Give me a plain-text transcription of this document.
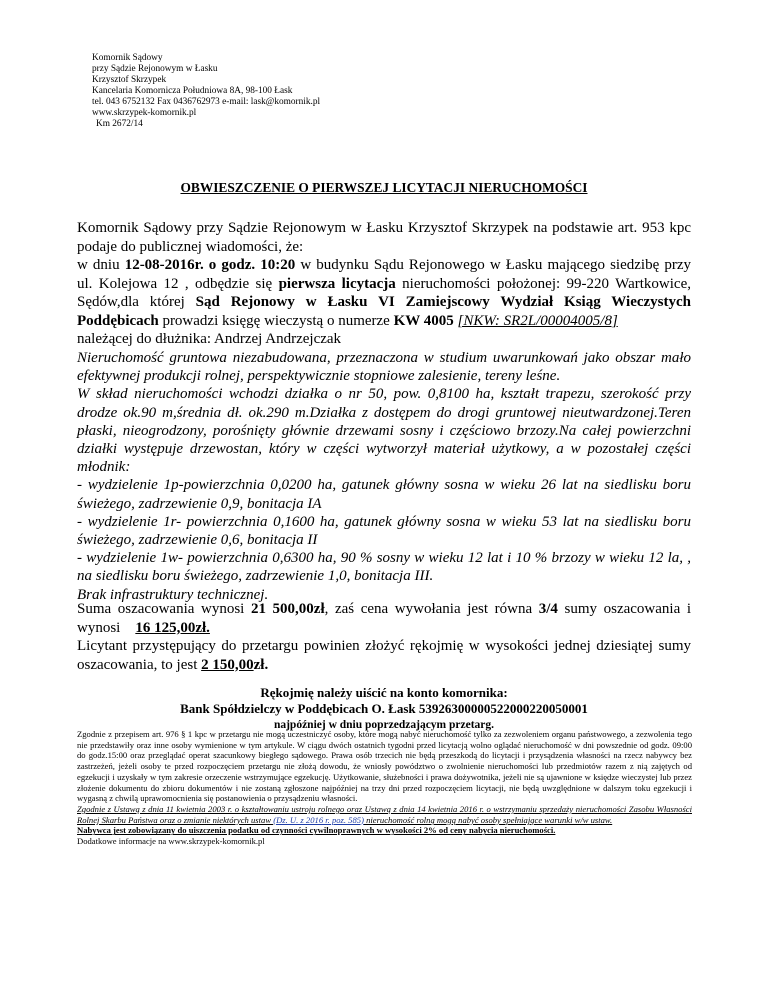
Komornik Sądowy
przy Sądzie Rejonowym w Łasku
Krzysztof Skrzypek
Kancelaria Komornicza Południowa 8A, 98-100 Łask
tel. 043 6752132 Fax 0436762973 e-mail: lask@komornik.pl
www.skrzypek-komornik.pl
Km 2672/14
OBWIESZCZENIE O PIERWSZEJ LICYTACJI NIERUCHOMOŚCI

Komornik Sądowy przy Sądzie Rejonowym w Łasku Krzysztof Skrzypek na podstawie art. 953 kpc podaje do publicznej wiadomości, że:

w dniu 12-08-2016r. o godz. 10:20 w budynku Sądu Rejonowego w Łasku mającego siedzibę przy ul. Kolejowa 12 , odbędzie się pierwsza licytacja nieruchomości położonej: 99-220 Wartkowice, Sędów,dla której Sąd Rejonowy w Łasku VI Zamiejscowy Wydział Ksiąg Wieczystych Poddębicach prowadzi księgę wieczystą o numerze KW 4005 [NKW: SR2L/00004005/8]

należącej do dłużnika: Andrzej Andrzejczak

Nieruchomość gruntowa niezabudowana, przeznaczona w studium uwarunkowań jako obszar mało efektywnej produkcji rolnej, perspektywicznie stopniowe zalesienie, tereny leśne.

W skład nieruchomości wchodzi działka o nr 50, pow. 0,8100 ha, kształt trapezu, szerokość przy drodze ok.90 m,średnia dł. ok.290 m.Działka z dostępem do drogi gruntowej nieutwardzonej.Teren płaski, nieogrodzony, porośnięty głównie drzewami sosny i częściowo brzozy.Na całej powierzchni działki występuje drzewostan, który w części wytworzył materiał użytkowy, a w pozostałej części młodnik:

- wydzielenie 1p-powierzchnia 0,0200 ha, gatunek główny sosna w wieku 26 lat na siedlisku boru świeżego, zadrzewienie 0,9, bonitacja IA

- wydzielenie 1r- powierzchnia 0,1600 ha, gatunek główny sosna w wieku 53 lat na siedlisku boru świeżego, zadrzewienie 0,6, bonitacja II

- wydzielenie 1w- powierzchnia 0,6300 ha, 90 % sosny w wieku 12 lat i 10 % brzozy w wieku 12 la, , na siedlisku boru świeżego, zadrzewienie 1,0, bonitacja III.

Brak infrastruktury technicznej.

Suma oszacowania wynosi 21 500,00zł, zaś cena wywołania jest równa 3/4 sumy oszacowania i wynosi    16 125,00zł.

Licytant przystępujący do przetargu powinien złożyć rękojmię w wysokości jednej dziesiątej sumy oszacowania, to jest 2 150,00zł.

Rękojmię należy uiścić na konto komornika:
Bank Spółdzielczy w Poddębicach O. Łask 53926300000522000220050001
najpóźniej w dniu poprzedzającym przetarg.

Zgodnie z przepisem art. 976 § 1 kpc w przetargu nie mogą uczestniczyć osoby, które mogą nabyć nieruchomość tylko za zezwoleniem organu państwowego, a zezwolenia tego nie przedstawiły oraz inne osoby wymienione w tym artykule. W ciągu dwóch ostatnich tygodni przed licytacją wolno oglądać nieruchomość w dni powszednie od godz. 09:00 do godz.15:00 oraz przeglądać operat szacunkowy biegłego sądowego. Prawa osób trzecich nie będą przeszkodą do licytacji i przysądzenia własności na rzecz nabywcy bez zastrzeżeń, jeżeli osoby te przed rozpoczęciem przetargu nie złożą dowodu, że wniosły powództwo o zwolnienie nieruchomości lub przedmiotów razem z nią zajętych od egzekucji i uzyskały w tym zakresie orzeczenie wstrzymujące egzekucję. Użytkowanie, służebności i prawa dożywotnika, jeżeli nie są ujawnione w księdze wieczystej lub przez złożenie dokumentu do zbioru dokumentów i nie zostaną zgłoszone najpóźniej na trzy dni przed rozpoczęciem licytacji, nie będą uwzględnione w dalszym toku egzekucji i wygasną z chwilą uprawomocnienia się postanowienia o przysądzeniu własności.

Zgodnie z Ustawą z dnia 11 kwietnia 2003 r. o kształtowaniu ustroju rolnego oraz Ustawą z dnia 14 kwietnia 2016 r. o wstrzymaniu sprzedaży nieruchomości Zasobu Własności Rolnej Skarbu Państwa oraz o zmianie niektórych ustaw (Dz. U. z 2016 r. poz. 585) nieruchomość rolną mogą nabyć osoby spełniające warunki w/w ustaw.

Nabywca jest zobowiązany do uiszczenia podatku od czynności cywilnoprawnych w wysokości 2% od ceny nabycia nieruchomości.

Dodatkowe informacje na www.skrzypek-komornik.pl
